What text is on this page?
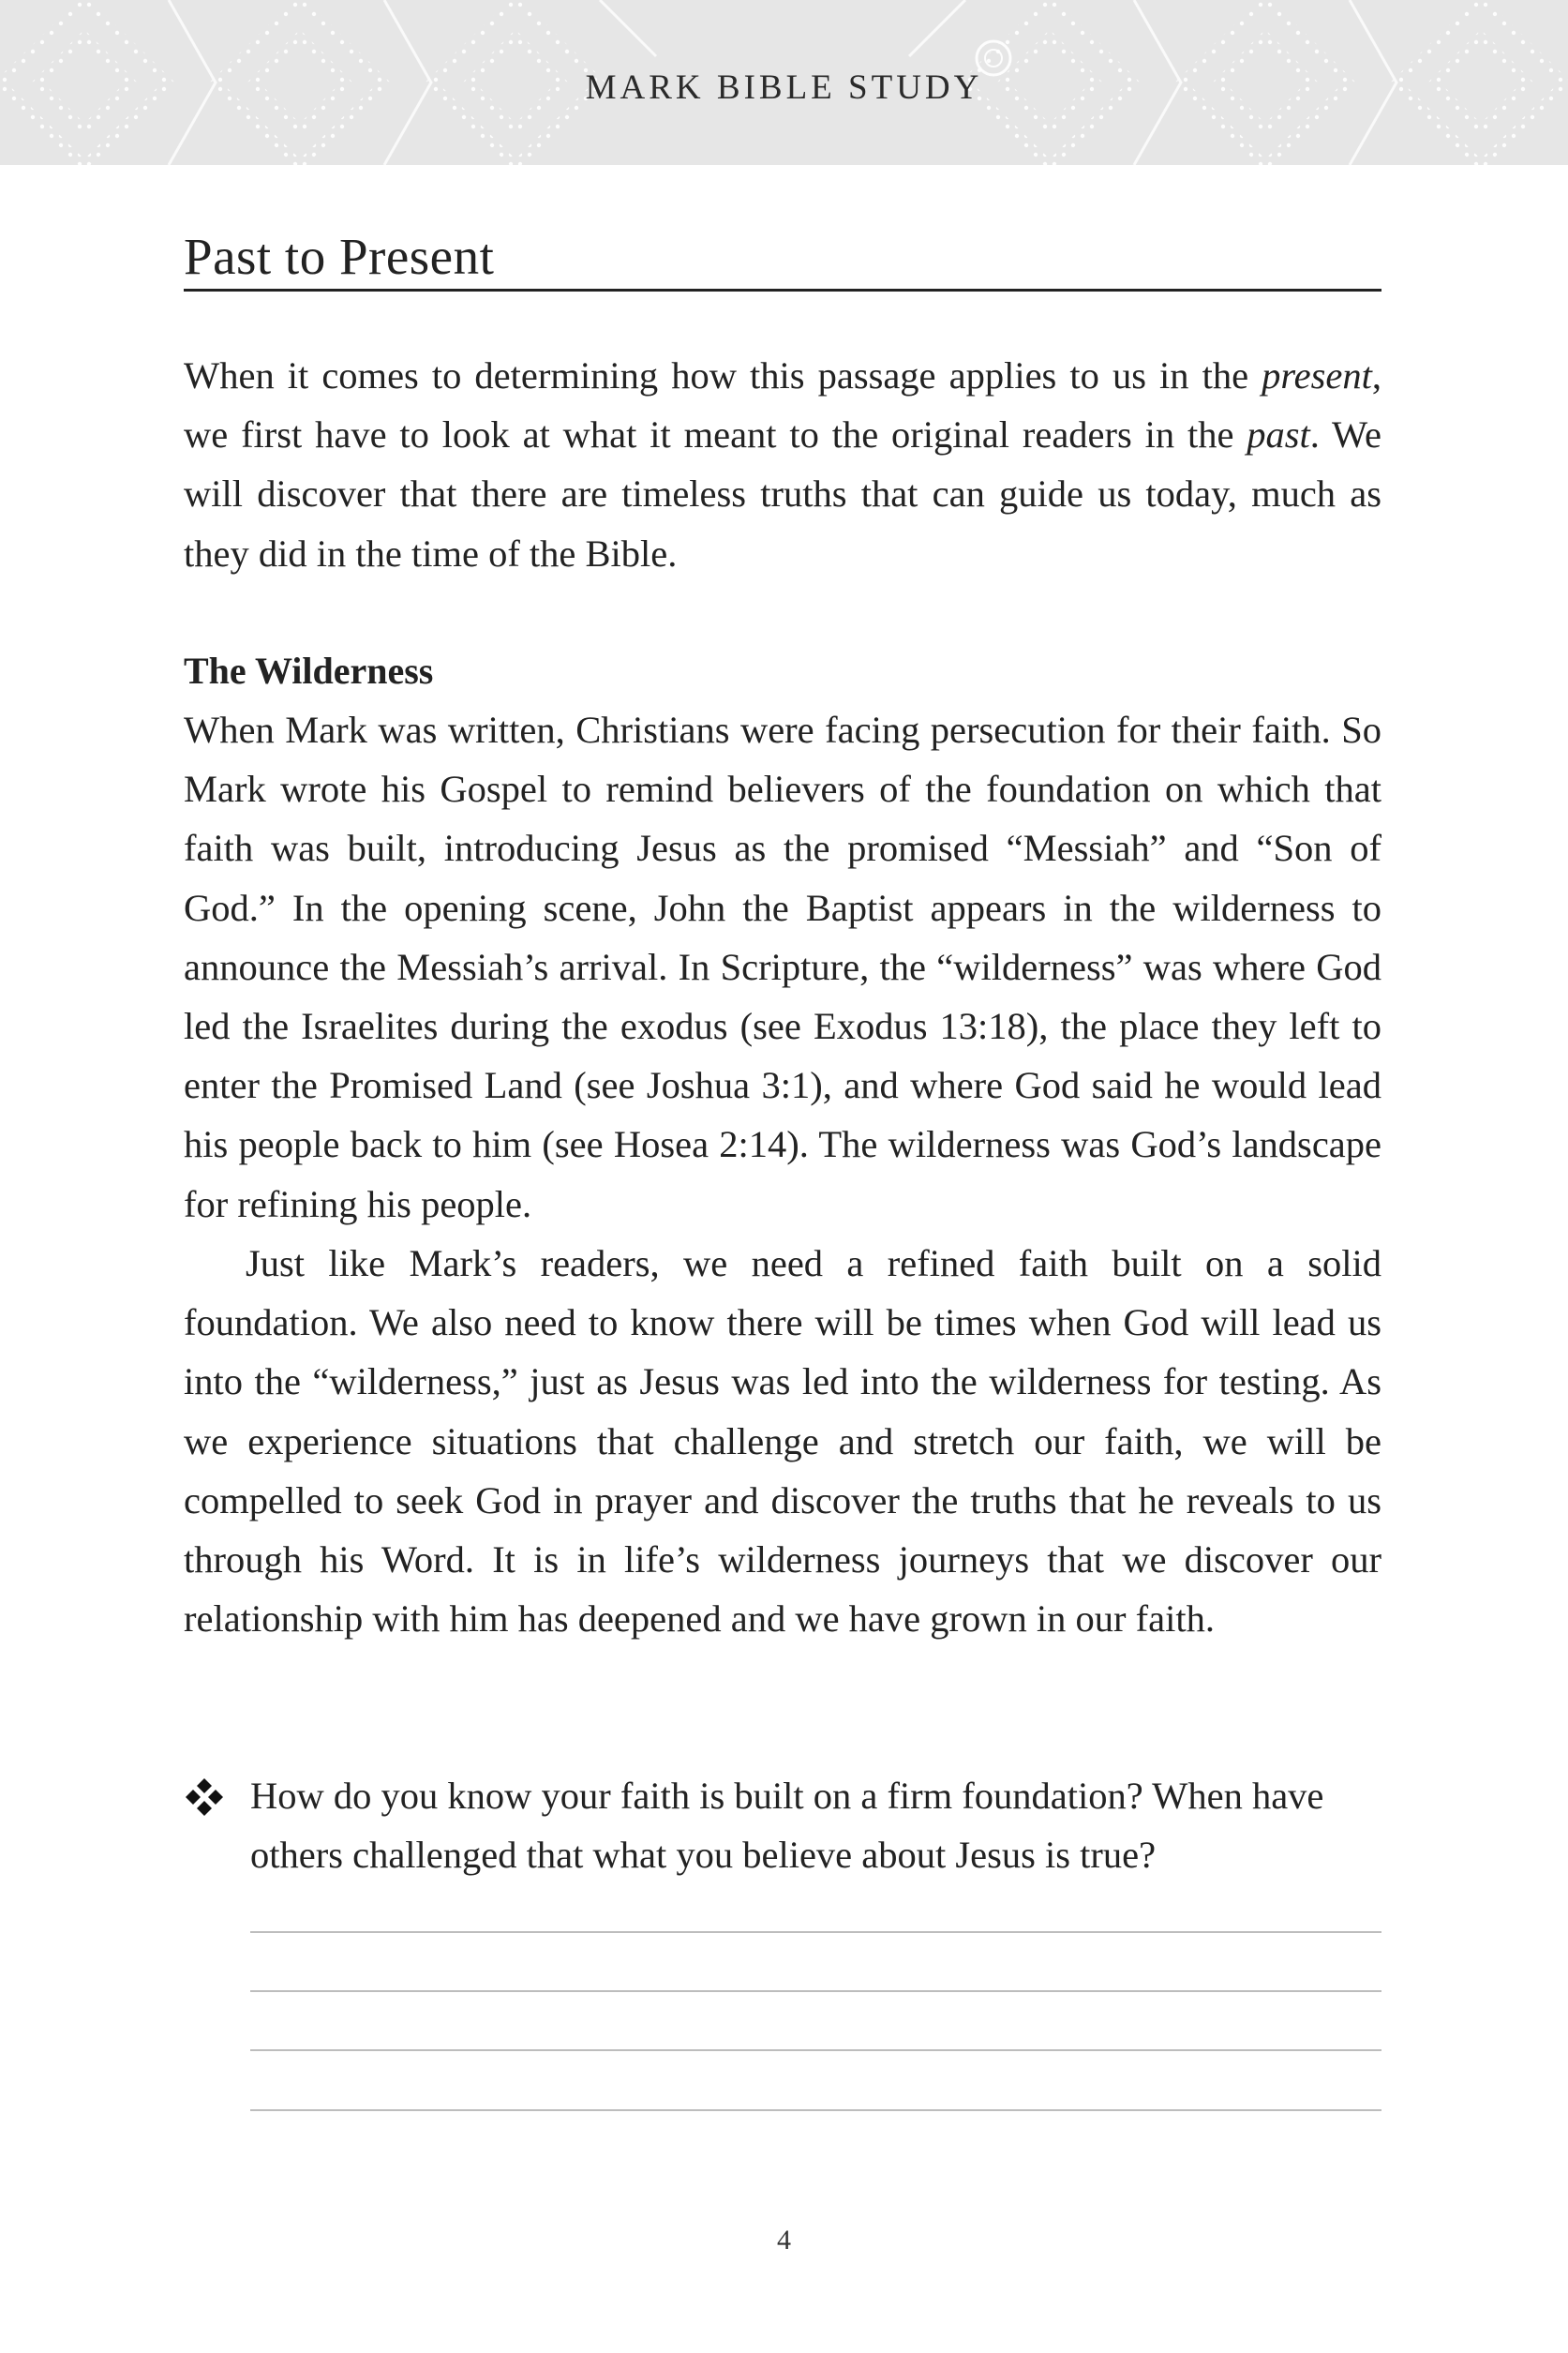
MARK BIBLE STUDY
Past to Present

When it comes to determining how this passage applies to us in the present, we first have to look at what it meant to the original readers in the past. We will discover that there are timeless truths that can guide us today, much as they did in the time of the Bible.

The Wilderness

When Mark was written, Christians were facing persecution for their faith. So Mark wrote his Gospel to remind believers of the foundation on which that faith was built, introducing Jesus as the promised “Messiah” and “Son of God.” In the opening scene, John the Baptist appears in the wilderness to announce the Messiah’s arrival. In Scripture, the “wilderness” was where God led the Israelites during the exodus (see Exodus 13:18), the place they left to enter the Promised Land (see Joshua 3:1), and where God said he would lead his people back to him (see Hosea 2:14). The wilderness was God’s landscape for refining his people.

Just like Mark’s readers, we need a refined faith built on a solid foundation. We also need to know there will be times when God will lead us into the “wilderness,” just as Jesus was led into the wilderness for testing. As we experience situations that challenge and stretch our faith, we will be compelled to seek God in prayer and discover the truths that he reveals to us through his Word. It is in life’s wilderness journeys that we discover our relationship with him has deepened and we have grown in our faith.

How do you know your faith is built on a firm foundation? When have others challenged that what you believe about Jesus is true?

4
